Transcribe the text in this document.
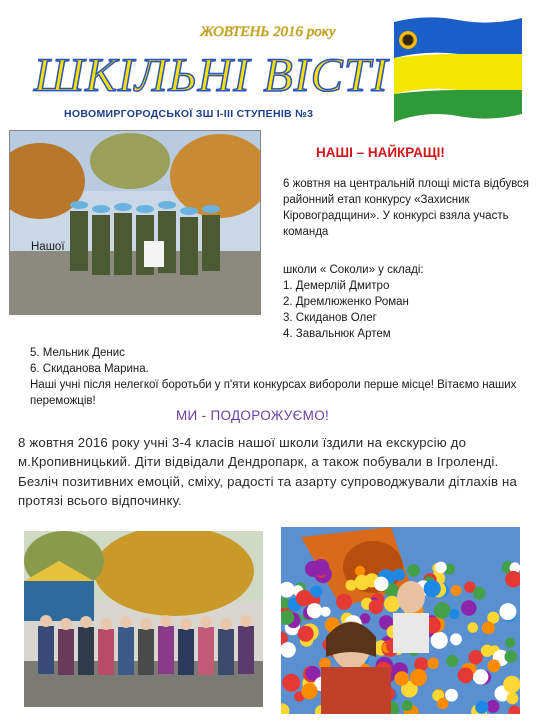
ЖОВТЕНЬ 2016 року
ШКІЛЬНІ ВІСТІ
НОВОМИРГОРОДСЬКОЇ ЗШ І-ІІІ СТУПЕНІВ №3
НАШІ – НАЙКРАЩІ!
6 жовтня на центральній площі міста відбувся районний етап конкурсу «Захисник Кіровоградщини». У конкурсі взяла участь команда
Нашої
школи « Соколи» у складі:
1. Демерлій Дмитро
2. Дремлюженко Роман
3. Скиданов Олег
4. Завальнюк Артем
5. Мельник Денис
6. Скиданова Марина.
Наші учні після нелегкої боротьби у п'яти конкурсах вибороли перше місце! Вітаємо наших переможців!
МИ - ПОДОРОЖУЄМО!
8 жовтня 2016 року учні 3-4 класів нашої школи їздили на екскурсію до м.Кропивницький. Діти відвідали Дендропарк, а також побували в Ігроленді. Безліч позитивних емоцій, сміху, радості та азарту супроводжували дітлахів на протязі всього відпочинку.
